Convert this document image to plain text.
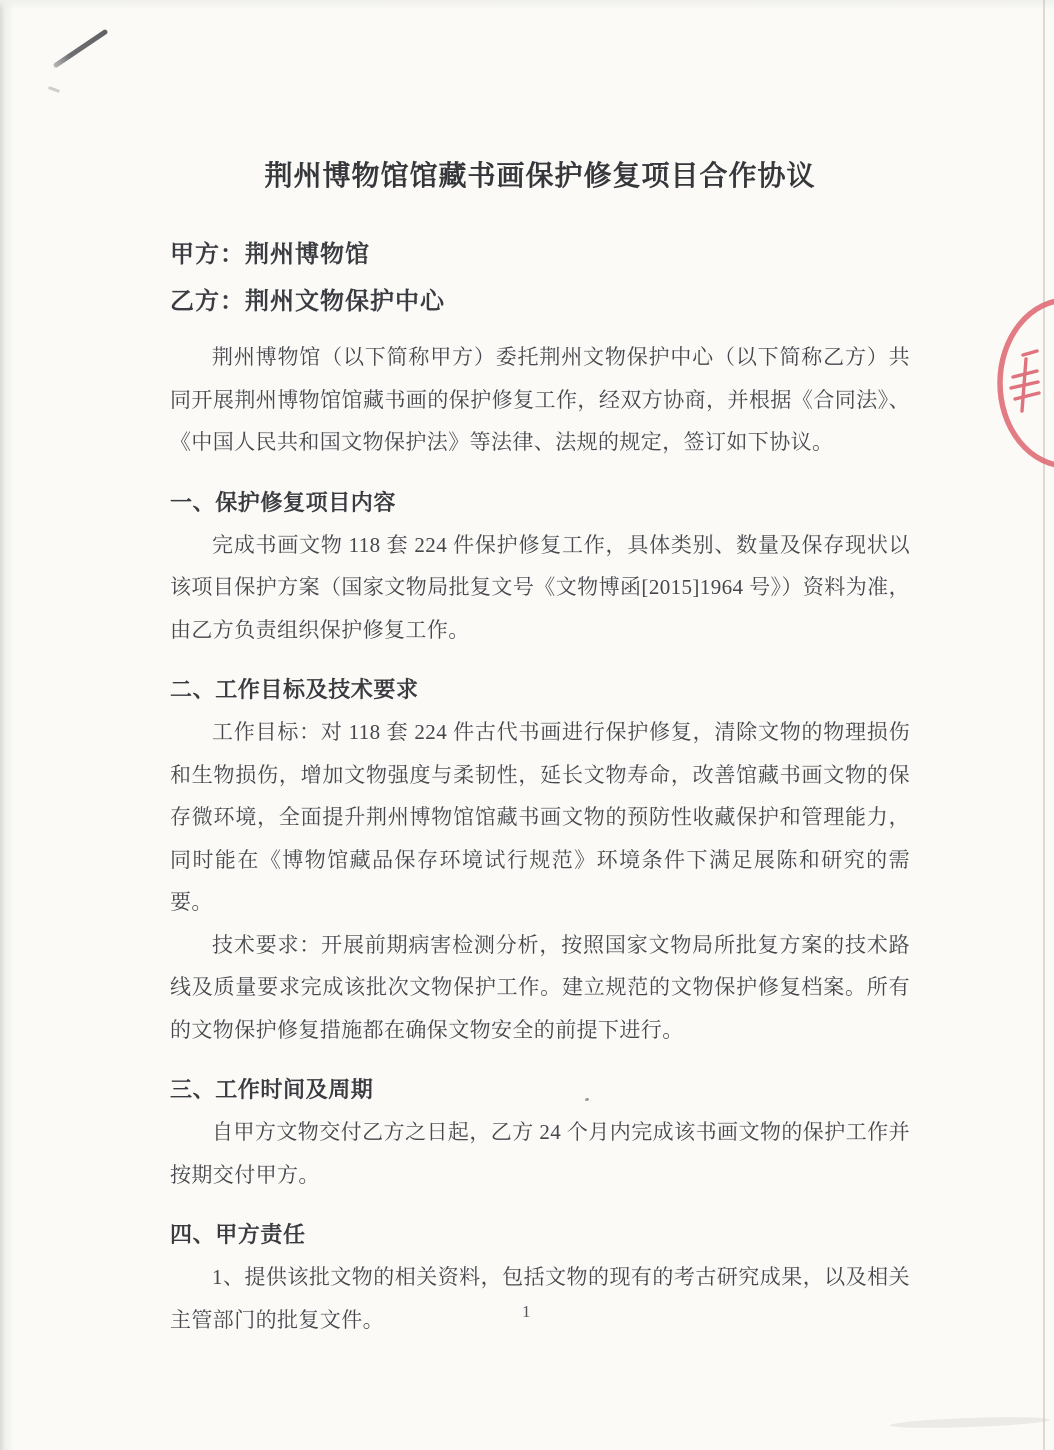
荆州博物馆馆藏书画保护修复项目合作协议

甲方：荆州博物馆

乙方：荆州文物保护中心

荆州博物馆（以下简称甲方）委托荆州文物保护中心（以下简称乙方）共同开展荆州博物馆馆藏书画的保护修复工作，经双方协商，并根据《合同法》、《中国人民共和国文物保护法》等法律、法规的规定，签订如下协议。

一、保护修复项目内容

完成书画文物 118 套 224 件保护修复工作，具体类别、数量及保存现状以该项目保护方案（国家文物局批复文号《文物博函[2015]1964 号》）资料为准，由乙方负责组织保护修复工作。

二、工作目标及技术要求

工作目标：对 118 套 224 件古代书画进行保护修复，清除文物的物理损伤和生物损伤，增加文物强度与柔韧性，延长文物寿命，改善馆藏书画文物的保存微环境，全面提升荆州博物馆馆藏书画文物的预防性收藏保护和管理能力，同时能在《博物馆藏品保存环境试行规范》环境条件下满足展陈和研究的需要。

技术要求：开展前期病害检测分析，按照国家文物局所批复方案的技术路线及质量要求完成该批次文物保护工作。建立规范的文物保护修复档案。所有的文物保护修复措施都在确保文物安全的前提下进行。

三、工作时间及周期

自甲方文物交付乙方之日起，乙方 24 个月内完成该书画文物的保护工作并按期交付甲方。

四、甲方责任

1、提供该批文物的相关资料，包括文物的现有的考古研究成果，以及相关主管部门的批复文件。	1
